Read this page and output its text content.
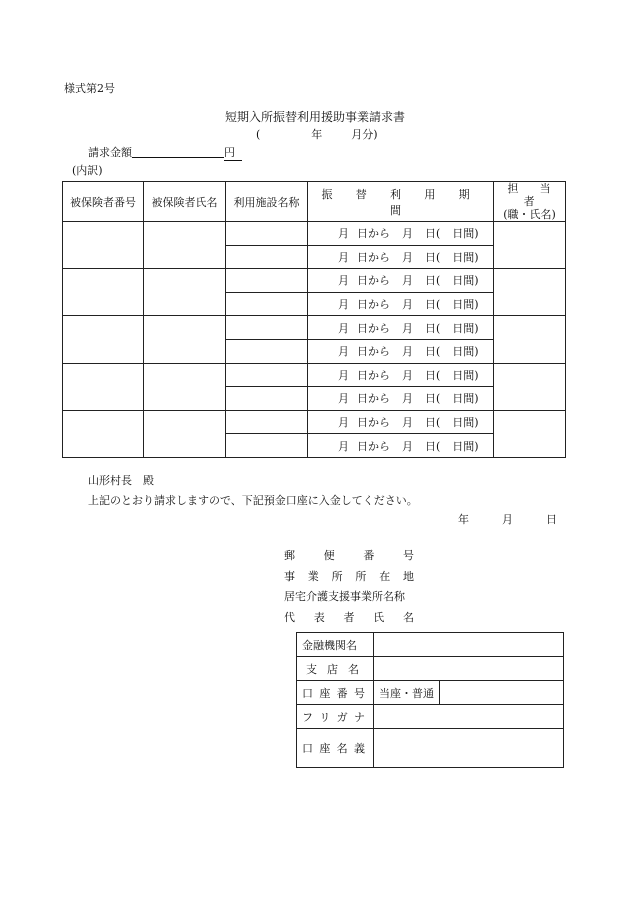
様式第2号
短期入所振替利用援助事業請求書
(	年	月分)
請求金額	円
(内訳)
被保険者番号	被保険者氏名	利用施設名称	振 替 利 用 期 間	担 当 者
(職・氏名)

			月 日から 月 日( 日間)	
			月 日から 月 日( 日間)	
			月 日から 月 日( 日間)	
			月 日から 月 日( 日間)	
			月 日から 月 日( 日間)	
			月 日から 月 日( 日間)	
			月 日から 月 日( 日間)	
			月 日から 月 日( 日間)	
			月 日から 月 日( 日間)	
			月 日から 月 日( 日間)	
山形村長　殿
上記のとおり請求しますので、下記預金口座に入金してください。
年	月	日
郵	便	番	号
事 業 所 所 在 地
居宅介護支援事業所名称
代 表 者 氏 名
金融機関名		

支 店 名		

口 座 番 号	当座・普通	

フ リ ガ ナ		

口 座 名 義		
